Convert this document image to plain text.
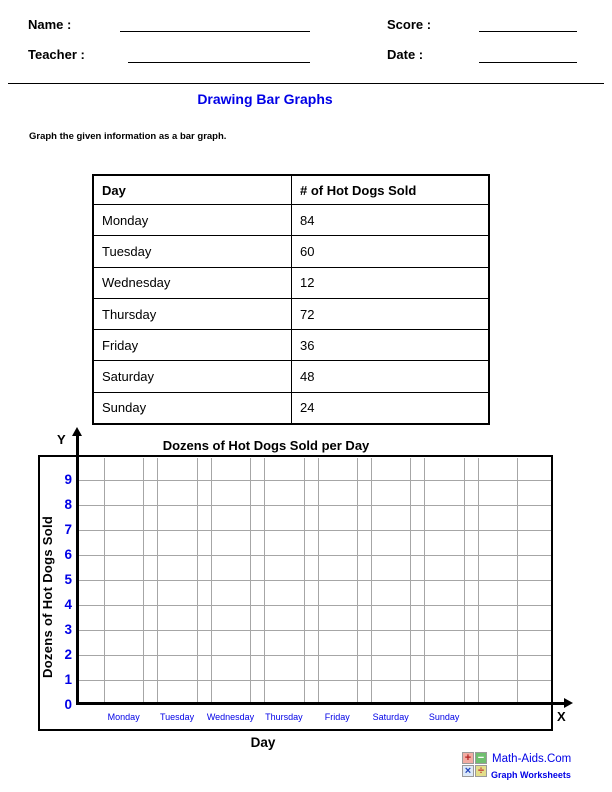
Name :	Score :
Teacher :	Date :
Drawing Bar Graphs
Graph the given information as a bar graph.
Day	# of Hot Dogs Sold
Monday	84
Tuesday	60
Wednesday	12
Thursday	72
Friday	36
Saturday	48
Sunday	24
Dozens of Hot Dogs Sold per Day
Y
9
8
7
6
5
4
3
2
1
0
Monday	Tuesday	Wednesday	Thursday	Friday	Saturday	Sunday	X
Dozens of Hot Dogs Sold
Day
+ −
× ÷
Math-Aids.Com
Graph Worksheets
